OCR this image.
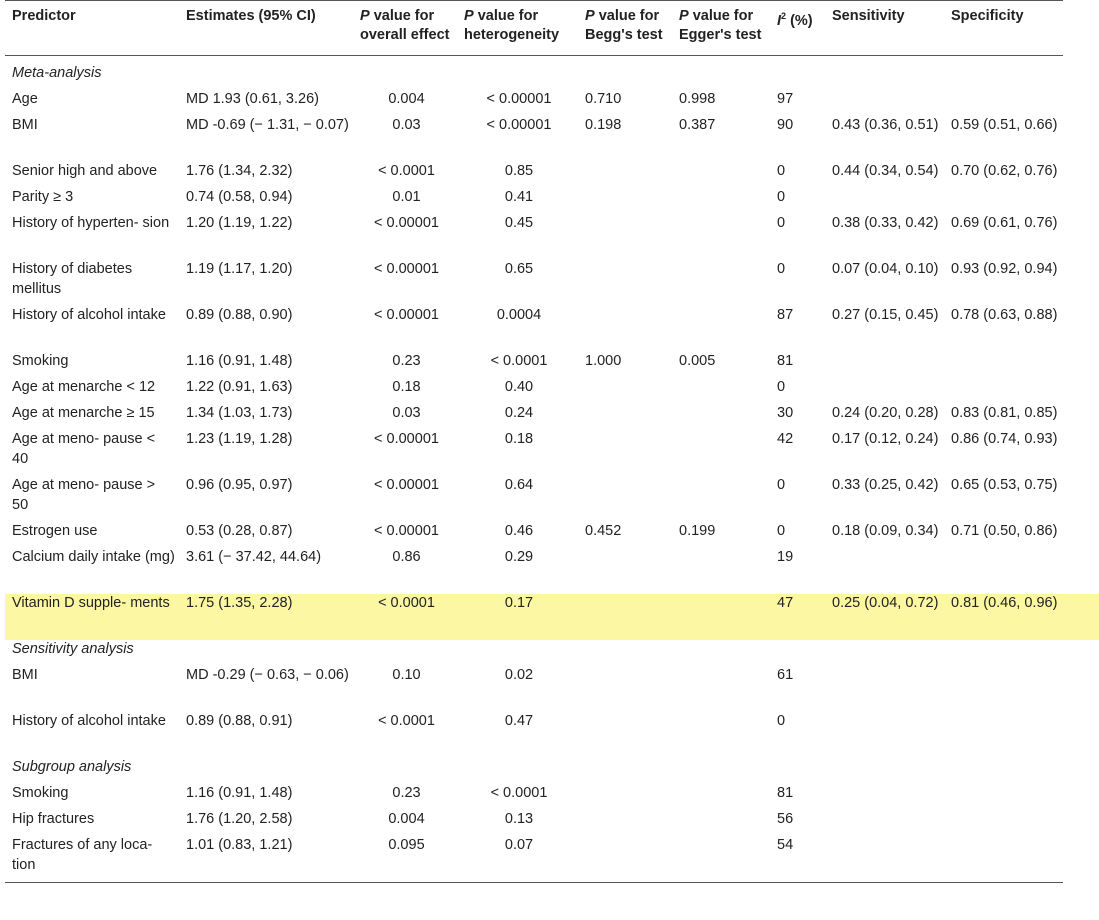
Predictor	Estimates (95% CI)	P value for overall effect	P value for heterogeneity	P value for Begg's test	P value for Egger's test	$I^2$ (%)	Sensitivity	Specificity
Meta-analysis								
Age	MD 1.93 (0.61, 3.26)	0.004	< 0.00001	0.710	0.998	97		
BMI	MD -0.69 (− 1.31, − 0.07)	0.03	< 0.00001	0.198	0.387	90	0.43 (0.36, 0.51)	0.59 (0.51, 0.66)
Senior high and above	1.76 (1.34, 2.32)	< 0.0001	0.85			0	0.44 (0.34, 0.54)	0.70 (0.62, 0.76)
Parity ≥ 3	0.74 (0.58, 0.94)	0.01	0.41			0		
History of hyperten- sion	1.20 (1.19, 1.22)	< 0.00001	0.45			0	0.38 (0.33, 0.42)	0.69 (0.61, 0.76)
History of diabetes mellitus	1.19 (1.17, 1.20)	< 0.00001	0.65			0	0.07 (0.04, 0.10)	0.93 (0.92, 0.94)
History of alcohol intake	0.89 (0.88, 0.90)	< 0.00001	0.0004			87	0.27 (0.15, 0.45)	0.78 (0.63, 0.88)
Smoking	1.16 (0.91, 1.48)	0.23	< 0.0001	1.000	0.005	81		
Age at menarche < 12	1.22 (0.91, 1.63)	0.18	0.40			0		
Age at menarche ≥ 15	1.34 (1.03, 1.73)	0.03	0.24			30	0.24 (0.20, 0.28)	0.83 (0.81, 0.85)
Age at meno- pause < 40	1.23 (1.19, 1.28)	< 0.00001	0.18			42	0.17 (0.12, 0.24)	0.86 (0.74, 0.93)
Age at meno- pause > 50	0.96 (0.95, 0.97)	< 0.00001	0.64			0	0.33 (0.25, 0.42)	0.65 (0.53, 0.75)
Estrogen use	0.53 (0.28, 0.87)	< 0.00001	0.46	0.452	0.199	0	0.18 (0.09, 0.34)	0.71 (0.50, 0.86)
Calcium daily intake (mg)	3.61 (− 37.42, 44.64)	0.86	0.29			19		
Vitamin D supple- ments	1.75 (1.35, 2.28)	< 0.0001	0.17			47	0.25 (0.04, 0.72)	0.81 (0.46, 0.96)
Sensitivity analysis								
BMI	MD -0.29 (− 0.63, − 0.06)	0.10	0.02			61		
History of alcohol intake	0.89 (0.88, 0.91)	< 0.0001	0.47			0		
Subgroup analysis								
Smoking	1.16 (0.91, 1.48)	0.23	< 0.0001			81		
Hip fractures	1.76 (1.20, 2.58)	0.004	0.13			56		
Fractures of any loca- tion	1.01 (0.83, 1.21)	0.095	0.07			54		
